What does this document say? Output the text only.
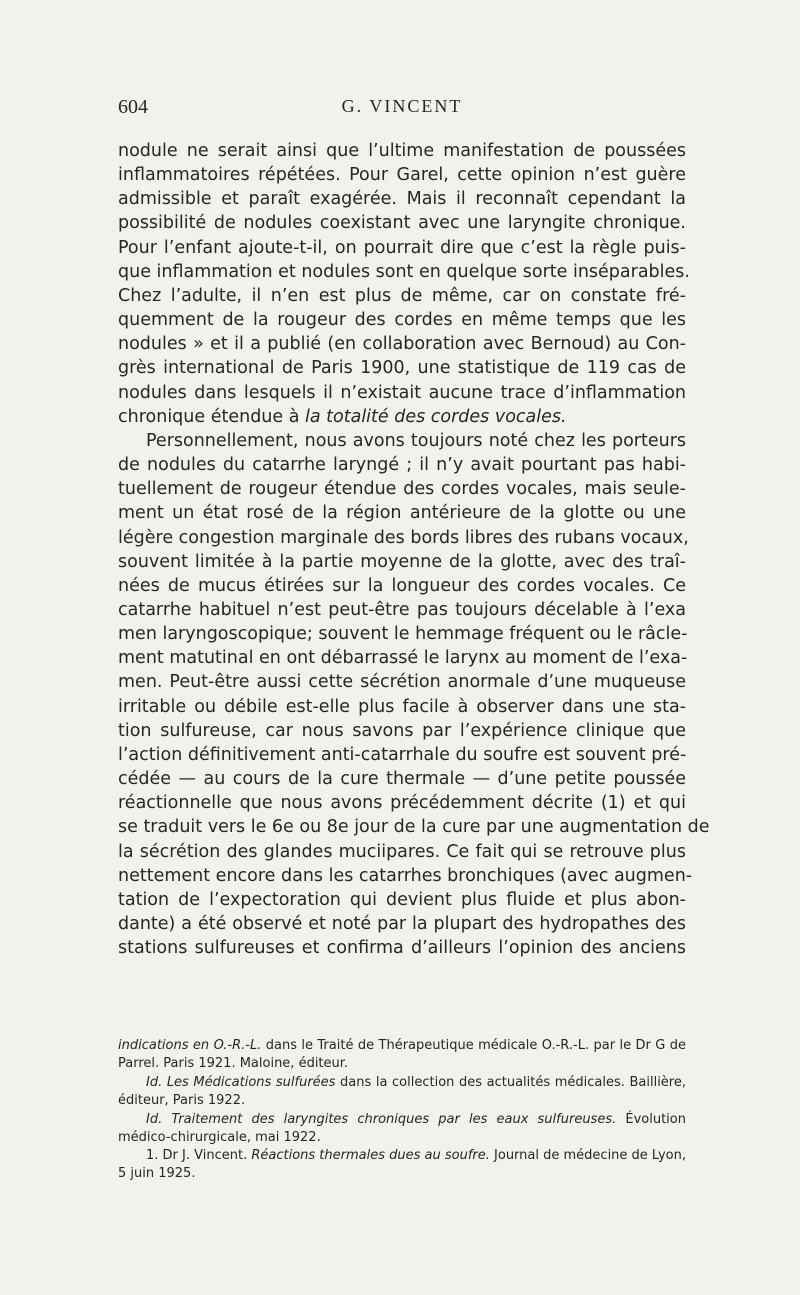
604	G. VINCENT
nodule ne serait ainsi que l’ultime manifestation de poussées
inflammatoires répétées. Pour Garel, cette opinion n’est guère
admissible et paraît exagérée. Mais il reconnaît cependant la
possibilité de nodules coexistant avec une laryngite chronique.
Pour l’enfant ajoute-t-il, on pourrait dire que c’est la règle puis-
que inflammation et nodules sont en quelque sorte inséparables.
Chez l’adulte, il n’en est plus de même, car on constate fré-
quemment de la rougeur des cordes en même temps que les
nodules » et il a publié (en collaboration avec Bernoud) au Con-
grès international de Paris 1900, une statistique de 119 cas de
nodules dans lesquels il n’existait aucune trace d’inflammation
chronique étendue à la totalité des cordes vocales.
Personnellement, nous avons toujours noté chez les porteurs
de nodules du catarrhe laryngé ; il n’y avait pourtant pas habi-
tuellement de rougeur étendue des cordes vocales, mais seule-
ment un état rosé de la région antérieure de la glotte ou une
légère congestion marginale des bords libres des rubans vocaux,
souvent limitée à la partie moyenne de la glotte, avec des traî-
nées de mucus étirées sur la longueur des cordes vocales. Ce
catarrhe habituel n’est peut-être pas toujours décelable à l’exa
men laryngoscopique; souvent le hemmage fréquent ou le râcle-
ment matutinal en ont débarrassé le larynx au moment de l’exa-
men. Peut-être aussi cette sécrétion anormale d’une muqueuse
irritable ou débile est-elle plus facile à observer dans une sta-
tion sulfureuse, car nous savons par l’expérience clinique que
l’action définitivement anti-catarrhale du soufre est souvent pré-
cédée — au cours de la cure thermale — d’une petite poussée
réactionnelle que nous avons précédemment décrite (1) et qui
se traduit vers le 6e ou 8e jour de la cure par une augmentation de
la sécrétion des glandes muciipares. Ce fait qui se retrouve plus
nettement encore dans les catarrhes bronchiques (avec augmen-
tation de l’expectoration qui devient plus fluide et plus abon-
dante) a été observé et noté par la plupart des hydropathes des
stations sulfureuses et confirma d’ailleurs l’opinion des anciens
indications en O.-R.-L. dans le Traité de Thérapeutique médicale O.-R.-L. par le Dr G de Parrel. Paris 1921. Maloine, éditeur.
Id. Les Médications sulfurées dans la collection des actualités médicales. Baillière, éditeur, Paris 1922.
Id. Traitement des laryngites chroniques par les eaux sulfureuses. Évolution médico-chirurgicale, mai 1922.
1. Dr J. Vincent. Réactions thermales dues au soufre. Journal de médecine de Lyon, 5 juin 1925.
